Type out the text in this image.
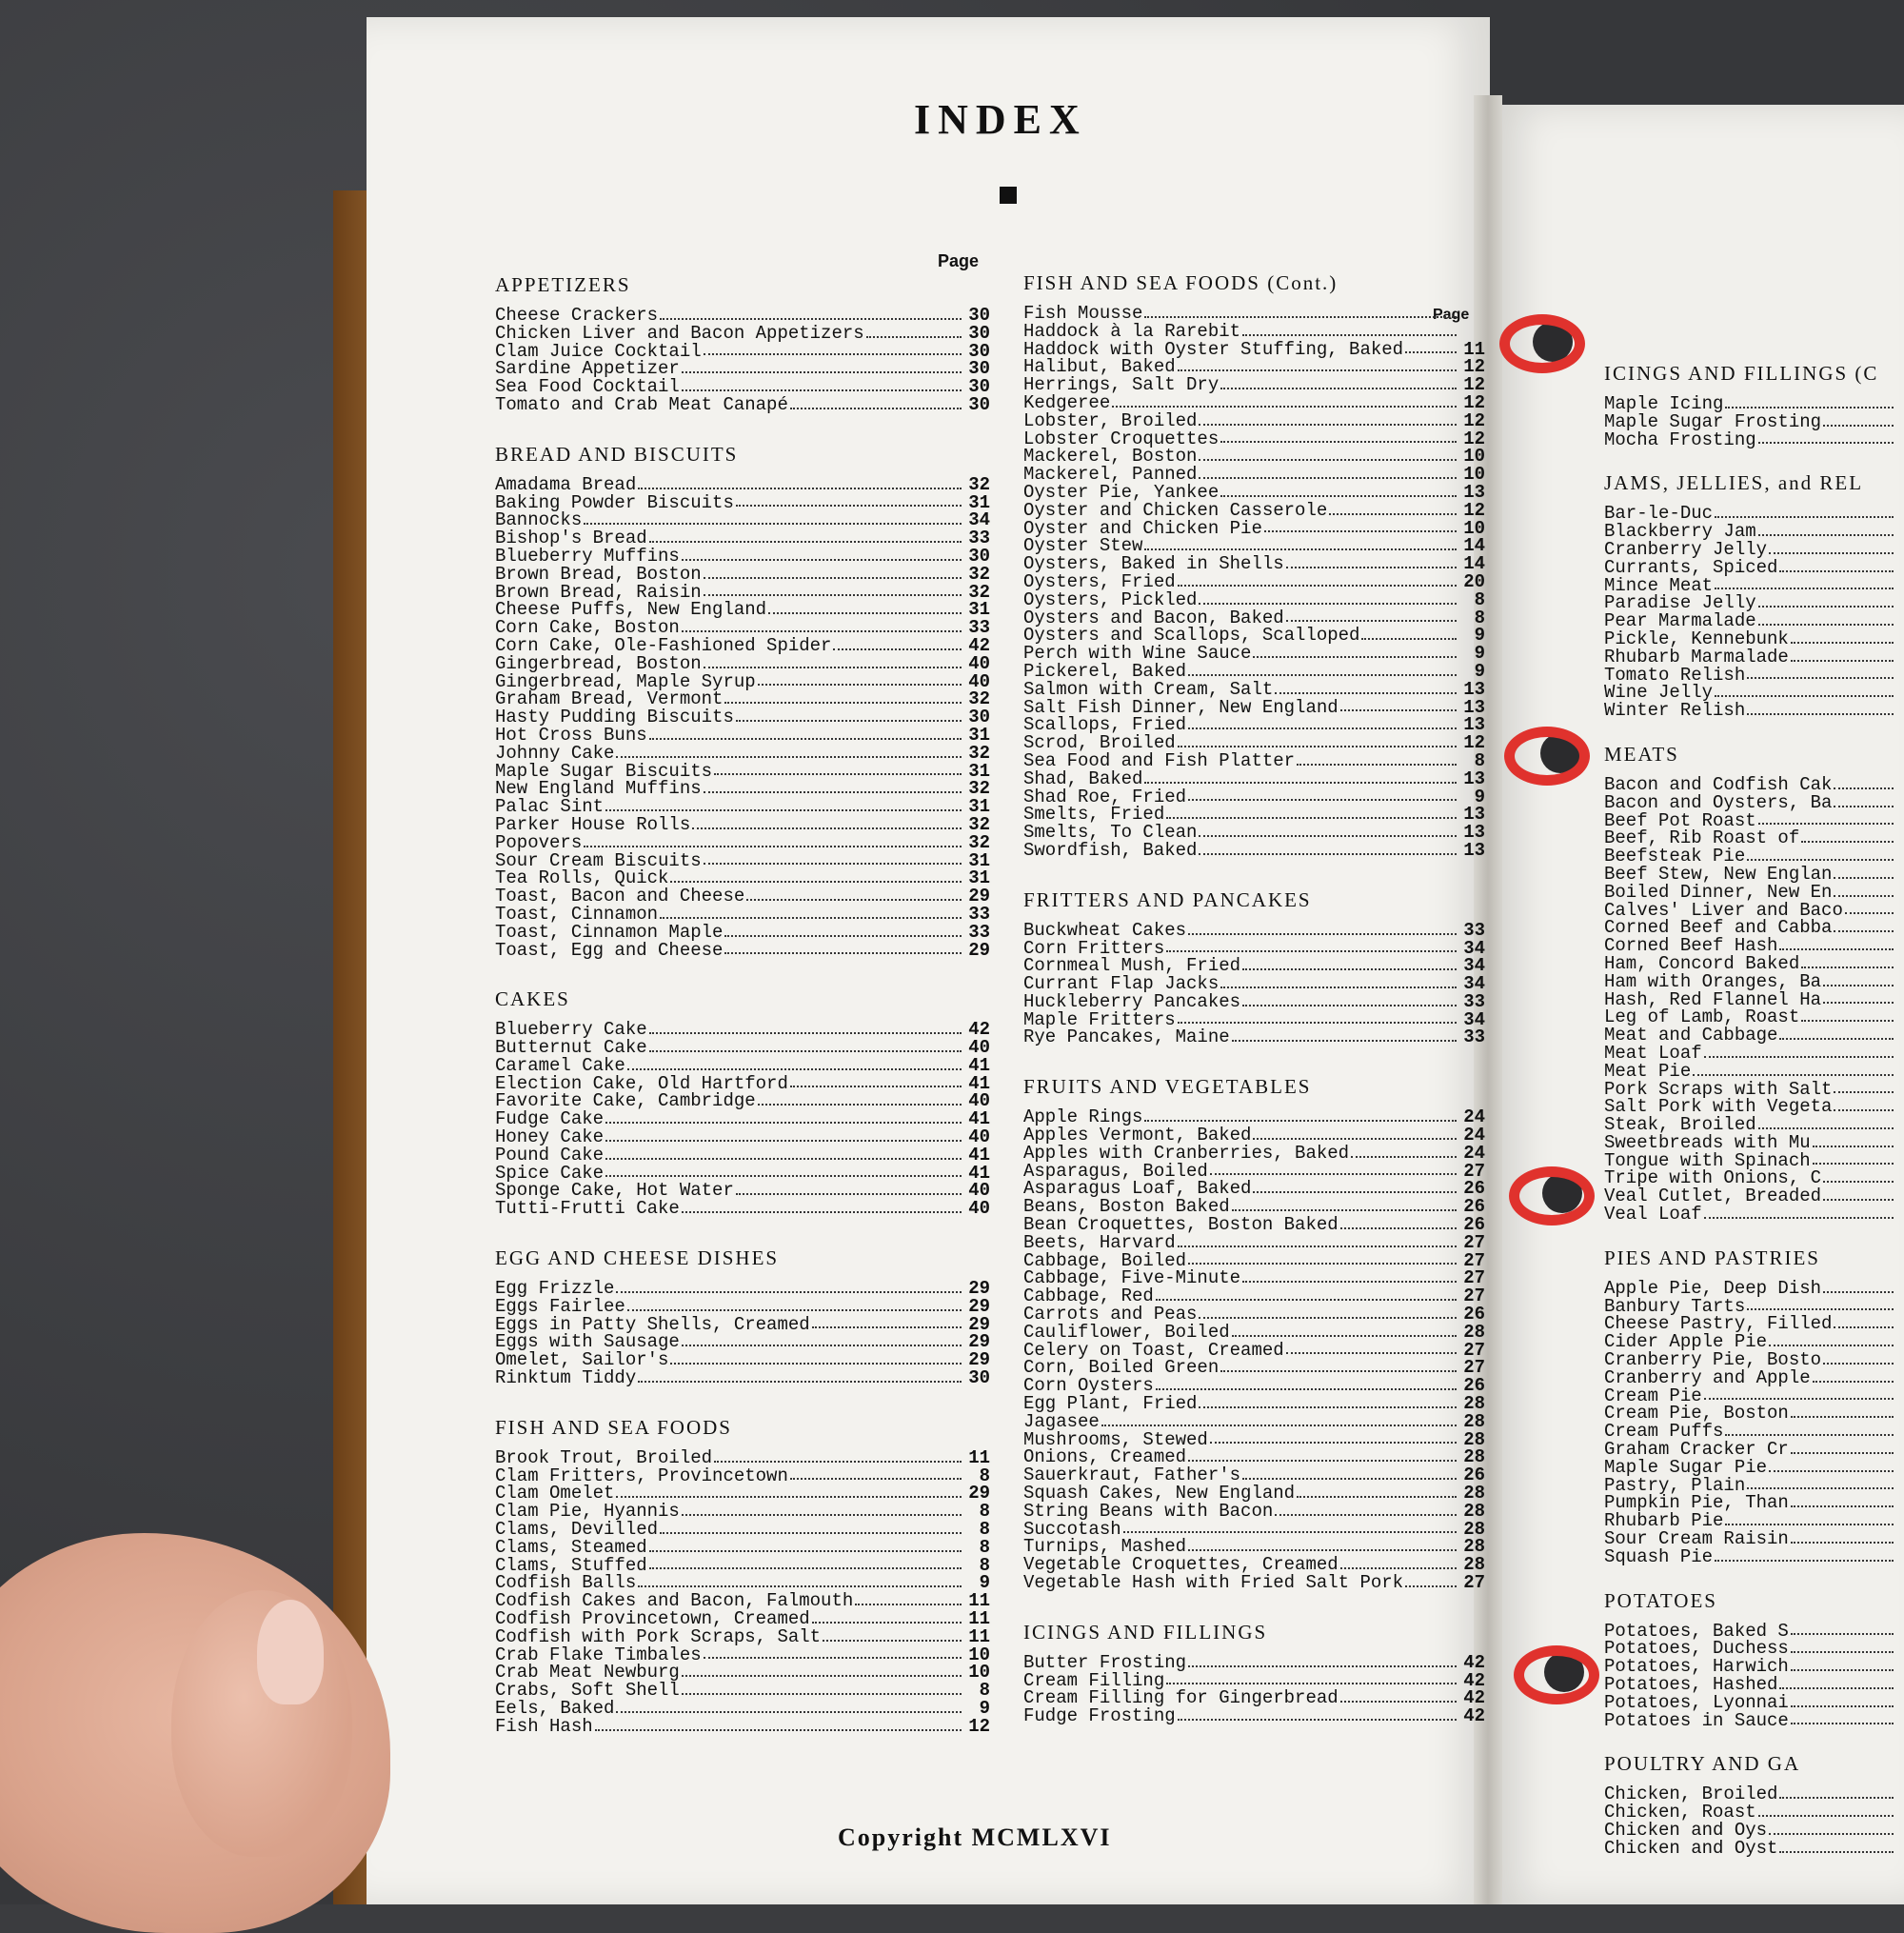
ICINGS AND FILLINGS (C
Maple Icing
Maple Sugar Frosting
Mocha Frosting
JAMS, JELLIES, and REL
Bar-le-Duc
Blackberry Jam
Cranberry Jelly
Currants, Spiced
Mince Meat
Paradise Jelly
Pear Marmalade
Pickle, Kennebunk
Rhubarb Marmalade
Tomato Relish
Wine Jelly
Winter Relish
MEATS
Bacon and Codfish Cak
Bacon and Oysters, Ba
Beef Pot Roast
Beef, Rib Roast of
Beefsteak Pie
Beef Stew, New Englan
Boiled Dinner, New En
Calves' Liver and Baco
Corned Beef and Cabba
Corned Beef Hash
Ham, Concord Baked
Ham with Oranges, Ba
Hash, Red Flannel Ha
Leg of Lamb, Roast
Meat and Cabbage
Meat Loaf
Meat Pie
Pork Scraps with Salt
Salt Pork with Vegeta
Steak, Broiled
Sweetbreads with Mu
Tongue with Spinach
Tripe with Onions, C
Veal Cutlet, Breaded
Veal Loaf
PIES AND PASTRIES
Apple Pie, Deep Dish
Banbury Tarts
Cheese Pastry, Filled
Cider Apple Pie
Cranberry Pie, Bosto
Cranberry and Apple
Cream Pie
Cream Pie, Boston
Cream Puffs
Graham Cracker Cr
Maple Sugar Pie
Pastry, Plain
Pumpkin Pie, Than
Rhubarb Pie
Sour Cream Raisin
Squash Pie
POTATOES
Potatoes, Baked S
Potatoes, Duchess
Potatoes, Harwich
Potatoes, Hashed
Potatoes, Lyonnai
Potatoes in Sauce
POULTRY AND GA
Chicken, Broiled
Chicken, Roast
Chicken and Oys
Chicken and Oyst
INDEX
Page
Page
APPETIZERS
Cheese Crackers	30
Chicken Liver and Bacon Appetizers	30
Clam Juice Cocktail	30
Sardine Appetizer	30
Sea Food Cocktail	30
Tomato and Crab Meat Canapé	30
BREAD AND BISCUITS
Amadama Bread	32
Baking Powder Biscuits	31
Bannocks	34
Bishop's Bread	33
Blueberry Muffins	30
Brown Bread, Boston	32
Brown Bread, Raisin	32
Cheese Puffs, New England	31
Corn Cake, Boston	33
Corn Cake, Ole-Fashioned Spider	42
Gingerbread, Boston	40
Gingerbread, Maple Syrup	40
Graham Bread, Vermont	32
Hasty Pudding Biscuits	30
Hot Cross Buns	31
Johnny Cake	32
Maple Sugar Biscuits	31
New England Muffins	32
Palac Sint	31
Parker House Rolls	32
Popovers	32
Sour Cream Biscuits	31
Tea Rolls, Quick	31
Toast, Bacon and Cheese	29
Toast, Cinnamon	33
Toast, Cinnamon Maple	33
Toast, Egg and Cheese	29
CAKES
Blueberry Cake	42
Butternut Cake	40
Caramel Cake	41
Election Cake, Old Hartford	41
Favorite Cake, Cambridge	40
Fudge Cake	41
Honey Cake	40
Pound Cake	41
Spice Cake	41
Sponge Cake, Hot Water	40
Tutti-Frutti Cake	40
EGG AND CHEESE DISHES
Egg Frizzle	29
Eggs Fairlee	29
Eggs in Patty Shells, Creamed	29
Eggs with Sausage	29
Omelet, Sailor's	29
Rinktum Tiddy	30
FISH AND SEA FOODS
Brook Trout, Broiled	11
Clam Fritters, Provincetown	8
Clam Omelet	29
Clam Pie, Hyannis	8
Clams, Devilled	8
Clams, Steamed	8
Clams, Stuffed	8
Codfish Balls	9
Codfish Cakes and Bacon, Falmouth	11
Codfish Provincetown, Creamed	11
Codfish with Pork Scraps, Salt	11
Crab Flake Timbales	10
Crab Meat Newburg	10
Crabs, Soft Shell	8
Eels, Baked	9
Fish Hash	12
FISH AND SEA FOODS (Cont.)
Fish Mousse
Haddock à la Rarebit
Haddock with Oyster Stuffing, Baked	11
Halibut, Baked	12
Herrings, Salt Dry	12
Kedgeree	12
Lobster, Broiled	12
Lobster Croquettes	12
Mackerel, Boston	10
Mackerel, Panned	10
Oyster Pie, Yankee	13
Oyster and Chicken Casserole	12
Oyster and Chicken Pie	10
Oyster Stew	14
Oysters, Baked in Shells	14
Oysters, Fried	20
Oysters, Pickled	8
Oysters and Bacon, Baked	8
Oysters and Scallops, Scalloped	9
Perch with Wine Sauce	9
Pickerel, Baked	9
Salmon with Cream, Salt	13
Salt Fish Dinner, New England	13
Scallops, Fried	13
Scrod, Broiled	12
Sea Food and Fish Platter	8
Shad, Baked	13
Shad Roe, Fried	9
Smelts, Fried	13
Smelts, To Clean	13
Swordfish, Baked	13
FRITTERS AND PANCAKES
Buckwheat Cakes	33
Corn Fritters	34
Cornmeal Mush, Fried	34
Currant Flap Jacks	34
Huckleberry Pancakes	33
Maple Fritters	34
Rye Pancakes, Maine	33
FRUITS AND VEGETABLES
Apple Rings	24
Apples Vermont, Baked	24
Apples with Cranberries, Baked	24
Asparagus, Boiled	27
Asparagus Loaf, Baked	26
Beans, Boston Baked	26
Bean Croquettes, Boston Baked	26
Beets, Harvard	27
Cabbage, Boiled	27
Cabbage, Five-Minute	27
Cabbage, Red	27
Carrots and Peas	26
Cauliflower, Boiled	28
Celery on Toast, Creamed	27
Corn, Boiled Green	27
Corn Oysters	26
Egg Plant, Fried	28
Jagasee	28
Mushrooms, Stewed	28
Onions, Creamed	28
Sauerkraut, Father's	26
Squash Cakes, New England	28
String Beans with Bacon	28
Succotash	28
Turnips, Mashed	28
Vegetable Croquettes, Creamed	28
Vegetable Hash with Fried Salt Pork	27
ICINGS AND FILLINGS
Butter Frosting	42
Cream Filling	42
Cream Filling for Gingerbread	42
Fudge Frosting	42
Copyright MCMLXVI
